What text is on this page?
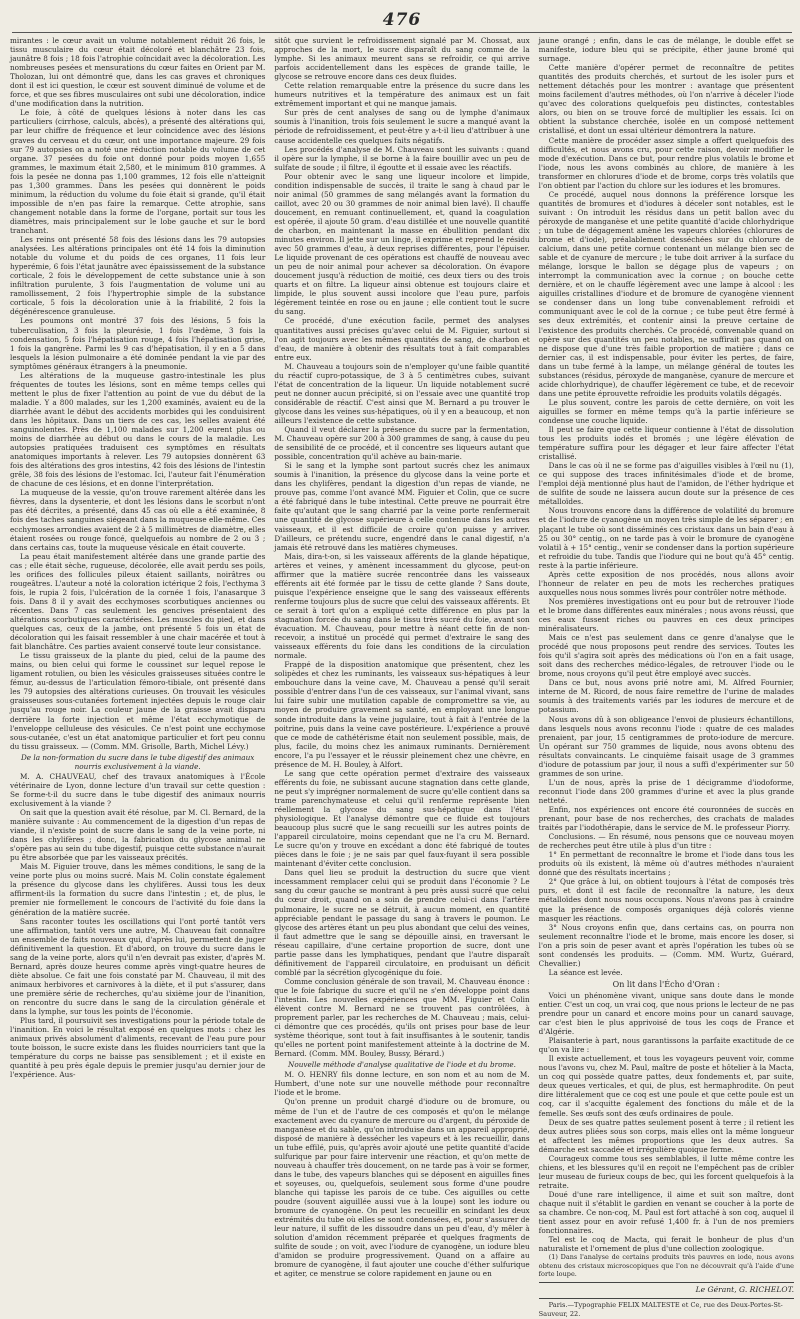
476

mirantes : le cœur avait un volume notablement réduit 26 fois, le tissu musculaire du cœur était décoloré et blanchâtre 23 fois, jaunâtre 8 fois ; 18 fois l'atrophie coïncidait avec la décoloration. Les nombreuses pesées et mensurations du cœur faites en Orient par M. Tholozan, lui ont démontré que, dans les cas graves et chroniques dont il est ici question, le cœur est souvent diminué de volume et de force, et que ses fibres musculaires ont subi une décoloration, indice d'une modification dans la nutrition.

Le foie, à côté de quelques lésions à noter dans les cas particuliers (cirrhose, calculs, abcès), a présenté des altérations qui, par leur chiffre de fréquence et leur coïncidence avec des lésions graves du cerveau et du cœur, ont une importance majeure. 29 fois sur 79 autopsies on a noté une réduction notable du volume de cet organe. 37 pesées du foie ont donné pour poids moyen 1,655 grammes, le maximum était 2,580, et le minimum 810 grammes. A fois la pesée ne donna pas 1,100 grammes, 12 fois elle n'atteignit pas 1,300 grammes. Dans les pesées qui donnèrent le poids minimum, la réduction du volume du foie était si grande, qu'il était impossible de n'en pas faire la remarque. Cette atrophie, sans changement notable dans la forme de l'organe, portait sur tous les diamètres, mais principalement sur le lobe gauche et sur le bord tranchant.

Les reins ont présenté 58 fois des lésions dans les 79 autopsies analysées. Les altérations principales ont été 14 fois la diminution notable du volume et du poids de ces organes, 11 fois leur hyperémie, 6 fois l'état jaunâtre avec épaississement de la substance corticale, 2 fois le développement de cette substance unie à son infiltration purulente, 3 fois l'augmentation de volume uni au ramollissement, 2 fois l'hypertrophie simple de la substance corticale, 5 fois la décoloration unie à la friabilité, 2 fois la dégénérescence granuleuse.

Les poumons ont montré 37 fois des lésions, 5 fois la tuberculisation, 3 fois la pleurésie, 1 fois l'œdème, 3 fois la condensation, 5 fois l'hépatisation rouge, 4 fois l'hépatisation grise, 1 fois la gangrène. Parmi les 9 cas d'hépatisation, il y en a 5 dans lesquels la lésion pulmonaire a été dominée pendant la vie par des symptômes généraux étrangers à la pneumonie.

Les altérations de la muqueuse gastro-intestinale les plus fréquentes de toutes les lésions, sont en même temps celles qui mettent le plus de fixer l'attention au point de vue du début de la maladie. Y a 800 malades, sur les 1,200 examinés, avaient eu de la diarrhée avant le début des accidents morbides qui les conduisirent dans les hôpitaux. Dans un tiers de ces cas, les selles avaient été sanguinolentes. Près de 1,100 malades sur 1,200 eurent plus ou moins de diarrhée au début ou dans le cours de la maladie. Les autopsies pratiquées traduisent ces symptômes en résultats anatomiques importants à relever. Les 79 autopsies donnèrent 63 fois des altérations des gros intestins, 42 fois des lésions de l'intestin grêle, 38 fois des lésions de l'estomac. Ici, l'auteur fait l'énumération de chacune de ces lésions, et en donne l'interprétation.

La muqueuse de la vessie, qu'on trouve rarement altérée dans les fièvres, dans la dysenterie, et dont les lésions dans le scorbut n'ont pas été décrites, a présenté, dans 45 cas où elle a été examinée, 8 fois des taches sanguines siégeant dans la muqueuse elle-même. Ces ecchymoses arrondies avaient de 2 à 5 millimètres de diamètre, elles étaient rosées ou rouge foncé, quelquefois au nombre de 2 ou 3 ; dans certains cas, toute la muqueuse vésicale en était couverte.

La peau était manifestement altérée dans une grande partie des cas ; elle était sèche, rugueuse, décolorée, elle avait perdu ses poils, les orifices des follicules pileux étaient saillants, noirâtres ou rougeâtres. L'auteur a noté la coloration ictérique 2 fois, l'ecthyma 3 fois, le rupia 2 fois, l'ulcération de la cornée 1 fois, l'anasarque 3 fois. Dans 8 il y avait des ecchymoses scorbutiques anciennes ou récentes. Dans 7 cas seulement les gencives présentaient des altérations scorbutiques caractérisées. Les muscles du pied, et dans quelques cas, ceux de la jambe, ont présenté 5 fois un état de décoloration qui les faisait ressembler à une chair macérée et tout à fait blanchâtre. Ces parties avaient conservé toute leur consistance.

Le tissu graisseux de la plante du pied, celui de la paume des mains, ou bien celui qui forme le coussinet sur lequel repose le ligament rotulien, ou bien les vésicules graisseuses situées contre le fémur, au-dessus de l'articulation fémoro-tibiale, ont présenté dans les 79 autopsies des altérations curieuses. On trouvait les vésicules graisseuses sous-cutanées fortement injectées depuis le rouge clair jusqu'au rouge noir. La couleur jaune de la graisse avait disparu derrière la forte injection et même l'état ecchymotique de l'enveloppe celluleuse des vésicules. Ce n'est point une ecchymose sous-cutanée, c'est un état anatomique particulier et fort peu connu du tissu graisseux. — (Comm. MM. Grisolle, Barth, Michel Lévy.)

De la non-formation du sucre dans le tube digestif des animaux nourris exclusivement à la viande.

M. A. CHAUVEAU, chef des travaux anatomiques à l'École vétérinaire de Lyon, donne lecture d'un travail sur cette question : Se forme-t-il du sucre dans le tube digestif des animaux nourris exclusivement à la viande ?

On sait que la question avait été résolue, par M. Cl. Bernard, de la manière suivante : Au commencement de la digestion d'un repas de viande, il n'existe point de sucre dans le sang de la veine porte, ni dans les chylifères ; donc, la fabrication du glycose animal ne s'opère pas au sein du tube digestif, puisque cette substance n'aurait pu être absorbée que par les vaisseaux précités.

Mais M. Figuier trouve, dans les mêmes conditions, le sang de la veine porte plus ou moins sucré. Mais M. Colin constate également la présence du glycose dans les chylifères. Aussi tous les deux affirment-ils la formation du sucre dans l'intestin ; et, de plus, le premier nie formellement le concours de l'activité du foie dans la génération de la matière sucrée.

Sans raconter toutes les oscillations qui l'ont porté tantôt vers une affirmation, tantôt vers une autre, M. Chauveau fait connaître un ensemble de faits nouveaux qui, d'après lui, permettent de juger définitivement la question. Et d'abord, on trouve du sucre dans le sang de la veine porte, alors qu'il n'en devrait pas exister, d'après M. Bernard, après douze heures comme après vingt-quatre heures de diète absolue. Ce fait une fois constaté par M. Chauveau, il mit des animaux herbivores et carnivores à la diète, et il put s'assurer, dans une première série de recherches, qu'au sixième jour de l'inanition, on rencontre du sucre dans le sang de la circulation générale et dans la lymphe, sur tous les points de l'économie.

Plus tard, il poursuivit ses investigations pour la période totale de l'inanition. En voici le résultat exposé en quelques mots : chez les animaux privés absolument d'aliments, recevant de l'eau pure pour toute boisson, le sucre existe dans les fluides nourriciers tant que la température du corps ne baisse pas sensiblement ; et il existe en quantité à peu près égale depuis le premier jusqu'au dernier jour de l'expérience. Aus-

sitôt que survient le refroidissement signalé par M. Chossat, aux approches de la mort, le sucre disparaît du sang comme de la lymphe. Si les animaux meurent sans se refroidir, ce qui arrive parfois accidentellement dans les espèces de grande taille, le glycose se retrouve encore dans ces deux fluides.

Cette relation remarquable entre la présence du sucre dans les humeurs nutritives et la température des animaux est un fait extrêmement important et qui ne manque jamais.

Sur près de cent analyses de sang ou de lymphe d'animaux soumis à l'inanition, trois fois seulement le sucre a manqué avant la période de refroidissement, et peut-être y a-t-il lieu d'attribuer à une cause accidentelle ces quelques faits négatifs.

Les procédés d'analyse de M. Chauveau sont les suivants : quand il opère sur la lymphe, il se borne à la faire bouillir avec un peu de sulfate de soude ; il filtre, il égoutte et il essaie avec les réactifs.

Pour obtenir avec le sang une liqueur incolore et limpide, condition indispensable de succès, il traite le sang à chaud par le noir animal (50 grammes de sang mélangés avant la formation du caillot, avec 20 ou 30 grammes de noir animal bien lavé). Il chauffe doucement, en remuant continuellement, et, quand la coagulation est opérée, il ajoute 50 gram. d'eau distillée et une nouvelle quantité de charbon, en maintenant la masse en ébullition pendant dix minutes environ. Il jette sur un linge, il exprime et reprend le résidu avec 50 grammes d'eau, à deux reprises différentes, pour l'épuiser. Le liquide provenant de ces opérations est chauffé de nouveau avec un peu de noir animal pour achever sa décoloration. On évapore doucement jusqu'à réduction de moitié, ces deux tiers ou des trois quarts et on filtre. La liqueur ainsi obtenue est toujours claire et limpide, le plus souvent aussi incolore que l'eau pure, parfois légèrement teintée en rose ou en jaune ; elle contient tout le sucre du sang.

Ce procédé, d'une exécution facile, permet des analyses quantitatives aussi précises qu'avec celui de M. Figuier, surtout si l'on agit toujours avec les mêmes quantités de sang, de charbon et d'eau, de manière à obtenir des résultats tout à fait comparables entre eux.

M. Chauveau a toujours soin de n'employer qu'une faible quantité du réactif cupro-potassique, de 3 à 5 centimètres cubes, suivant l'état de concentration de la liqueur. Un liquide notablement sucré peut ne donner aucun précipité, si on l'essaie avec une quantité trop considérable de réactif. C'est ainsi que M. Bernard a pu trouver le glycose dans les veines sus-hépatiques, où il y en a beaucoup, et non ailleurs l'existence de cette substance.

Quand il veut déclarer la présence du sucre par la fermentation, M. Chauveau opère sur 200 à 300 grammes de sang, à cause du peu de sensibilité de ce procédé, et il concentre ses liqueurs autant que possible, concentration qu'il achève au bain-marie.

Si le sang et la lymphe sont partout sucrés chez les animaux soumis à l'inanition, la présence du glycose dans la veine porte et dans les chylifères, pendant la digestion d'un repas de viande, ne prouve pas, comme l'ont avancé MM. Figuier et Colin, que ce sucre a été fabriqué dans le tube intestinal. Cette preuve ne pourrait être faite qu'autant que le sang charrié par la veine porte renfermerait une quantité de glycose supérieure à celle contenue dans les autres vaisseaux, et il est difficile de croire qu'on puisse y arriver. D'ailleurs, ce prétendu sucre, engendré dans le canal digestif, n'a jamais été retrouvé dans les matières chymeuses.

Mais, dira-t-on, si les vaisseaux afférents de la glande hépatique, artères et veines, y amènent incessamment du glycose, peut-on affirmer que la matière sucrée rencontrée dans les vaisseaux efférents ait été formée par le tissu de cette glande ? Sans doute, puisque l'expérience enseigne que le sang des vaisseaux efférents renferme toujours plus de sucre que celui des vaisseaux afférents. Et ce serait à tort qu'on a expliqué cette différence en plus par la stagnation forcée du sang dans le tissu très sucré du foie, avant son évacuation. M. Chauveau, pour mettre à néant cette fin de non-recevoir, a institué un procédé qui permet d'extraire le sang des vaisseaux efférents du foie dans les conditions de la circulation normale.

Frappé de la disposition anatomique que présentent, chez les solipèdes et chez les ruminants, les vaisseaux sus-hépatiques à leur embouchure dans la veine cave, M. Chauveau a pensé qu'il serait possible d'entrer dans l'un de ces vaisseaux, sur l'animal vivant, sans lui faire subir une mutilation capable de compromettre sa vie, au moyen de produire gravement sa santé, en employant une longue sonde introduite dans la veine jugulaire, tout à fait à l'entrée de la poitrine, puis dans la veine cave postérieure. L'expérience a prouvé que ce mode de cathétérisme était non seulement possible, mais, de plus, facile, du moins chez les animaux ruminants. Dernièrement encore, l'a pu l'essayer et le réussir pleinement chez une chèvre, en présence de M. H. Bouley, à Alfort.

Le sang que cette opération permet d'extraire des vaisseaux efférents du foie, ne subissant aucune stagnation dans cette glande, ne peut s'y imprégner normalement de sucre qu'elle contient dans sa trame parenchymateuse et celui qu'il renferme représente bien réellement la glycose du sang sus-hépatique dans l'état physiologique. Et l'analyse démontre que ce fluide est toujours beaucoup plus sucré que le sang recueilli sur les autres points de l'appareil circulatoire, moins cependant que ne l'a cru M. Bernard. Le sucre qu'on y trouve en excédant a donc été fabriqué de toutes pièces dans le foie ; je ne sais par quel faux-fuyant il sera possible maintenant d'éviter cette conclusion.

Dans quel lieu se produit la destruction du sucre que vient incessamment remplacer celui qui se produit dans l'économie ? Le sang du cœur gauche se montrant à peu près aussi sucré que celui du cœur droit, quand on a soin de prendre celui-ci dans l'artère pulmonaire, le sucre ne se détruit, à aucun moment, en quantité appréciable pendant le passage du sang à travers le poumon. Le glycose des artères étant un peu plus abondant que celui des veines, il faut admettre que le sang se dépouille ainsi, en traversant le réseau capillaire, d'une certaine proportion de sucre, dont une partie passe dans les lymphatiques, pendant que l'autre disparaît définitivement de l'appareil circulatoire, en produisant un déficit comblé par la sécrétion glycogénique du foie.

Comme conclusion générale de son travail, M. Chauveau énonce : que le foie fabrique du sucre et qu'il ne s'en développe point dans l'intestin. Les nouvelles expériences que MM. Figuier et Colin élèvent contre M. Bernard ne se trouvent pas contrôlées, à proprement parler, par les recherches de M. Chauveau ; mais, celui-ci démontre que ces procédés, qu'ils ont prises pour base de leur système théorique, sont tout à fait insuffisantes à le soutenir, tandis qu'elles ne portent point manifestement atteinte à la doctrine de M. Bernard. (Comm. MM. Bouley, Bussy, Bérard.)

Nouvelle méthode d'analyse qualitative de l'iode et du brome.

M. O. HENRY fils donne lecture, en son nom et au nom de M. Humbert, d'une note sur une nouvelle méthode pour reconnaître l'iode et le brome.

Qu'on prenne un produit chargé d'iodure ou de bromure, ou même de l'un et de l'autre de ces composés et qu'on le mélange exactement avec du cyanure de mercure ou d'argent, du péroxide de manganèse et du sable, qu'on introduise dans un appareil approprié, disposé de manière à dessécher les vapeurs et à les recueillir, dans un tube effilé, puis, qu'après avoir ajouté une petite quantité d'acide sulfurique par pour faire intervenir une réaction, et qu'on mette de nouveau à chauffer très doucement, on ne tarde pas à voir se former, dans le tube, des vapeurs blanches qui se déposent en aiguilles fines et soyeuses, ou, quelquefois, seulement sous forme d'une poudre blanche qui tapisse les parois de ce tube. Ces aiguilles ou cette poudre (souvent aiguillée aussi vue à la loupe) sont les iodure ou bromure de cyanogène. On peut les recueillir en scindant les deux extrémités du tube où elles se sont condensées, et, pour s'assurer de leur nature, il suffit de les dissoudre dans un peu d'eau, d'y mêler à solution d'amidon récemment préparée et quelques fragments de sulfite de soude ; on voit, avec l'iodure de cyanogène, un iodure bleu d'amidon se produire progressivement. Quand on a affaire au bromure de cyanogène, il faut ajouter une couche d'éther sulfurique et agiter, ce menstrue se colore rapidement en jaune ou en

jaune orangé ; enfin, dans le cas de mélange, le double effet se manifeste, iodure bleu qui se précipite, éther jaune bromé qui surnage.

Cette manière d'opérer permet de reconnaître de petites quantités des produits cherchés, et surtout de les isoler purs et nettement détachés pour les montrer : avantage que présentent moins facilement d'autres méthodes, où l'on n'arrive à déceler l'iode qu'avec des colorations quelquefois peu distinctes, contestables alors, ou bien on se trouve forcé de multiplier les essais. Ici on obtient la substance cherchée, isolée en un composé nettement cristallisé, et dont un essai ultérieur démontrera la nature.

Cette manière de procéder assez simple a offert quelquefois des difficultés, et nous avons cru, pour cette raison, devoir modifier le mode d'exécution. Dans ce but, pour rendre plus volatils le brome et l'iode, nous les avons combinés au chlore, de manière à les transformer en chlorures d'iode et de brome, corps très volatils que l'on obtient par l'action du chlore sur les iodures et les bromures.

Ce procédé, auquel nous donnons la préférence lorsque les quantités de bromures et d'iodures à déceler sont notables, est le suivant : On introduit les résidus dans un petit ballon avec du péroxyde de manganèse et une petite quantité d'acide chlorhydrique ; un tube de dégagement amène les vapeurs chlorées (chlorures de brome et d'iode), préalablement desséchées sur du chlorure de calcium, dans une petite cornue contenant un mélange bien sec de sable et de cyanure de mercure ; le tube doit arriver à la surface du mélange, lorsque le ballon se dégage plus de vapeurs ; on interrompt la communication avec la cornue ; on bouche cette dernière, et on le chauffe légèrement avec une lampe à alcool : les aiguilles cristallines d'iodure et de bromure de cyanogène viennent se condenser dans un long tube convenablement refroidi et communiquant avec le col de la cornue ; ce tube peut être fermé à ses deux extrémités, et contenir ainsi la preuve certaine de l'existence des produits cherchés. Ce procédé, convenable quand on opère sur des quantités un peu notables, ne suffirait pas quand on ne dispose que d'une très faible proportion de matière ; dans ce dernier cas, il est indispensable, pour éviter les pertes, de faire, dans un tube fermé à la lampe, un mélange général de toutes les substances (résidus, péroxyde de manganèse, cyanure de mercure et acide chlorhydrique), de chauffer légèrement ce tube, et de recevoir dans une petite éprouvette refroidie les produits volatils dégagés.

Le plus souvent, contre les parois de cette dernière, on voit les aiguilles se former en même temps qu'à la partie inférieure se condense une couche liquide.

Il peut se faire que cette liqueur contienne à l'état de dissolution tous les produits iodés et bromés ; une légère élévation de température suffira pour les dégager et leur faire affecter l'état cristallisé.

Dans le cas où il ne se forme pas d'aiguilles visibles à l'œil nu (1), ce qui suppose des traces infinitésimales d'iode et de brome, l'emploi déjà mentionné plus haut de l'amidon, de l'éther hydrique et de sulfite de soude ne laissera aucun doute sur la présence de ces métalloïdes.

Nous trouvons encore dans la différence de volatilité du bromure et de l'iodure de cyanogène un moyen très simple de les séparer ; en plaçant le tube où sont disséminés ces cristaux dans un bain d'eau à 25 ou 30° centig., on ne tarde pas à voir le bromure de cyanogène volatil à + 15° centig., venir se condenser dans la portion supérieure et refroidie du tube. Tandis que l'iodure qui ne bout qu'à 45° centig. reste à la partie inférieure.

Après cette exposition de nos procédés, nous allons avoir l'honneur de relater en peu de mots les recherches pratiques auxquelles nous nous sommes livrés pour contrôler notre méthode.

Nos premières investigations ont eu pour but de retrouver l'iode et le brome dans différentes eaux minérales ; nous avons réussi, que ces eaux fussent riches ou pauvres en ces deux principes minéralisateurs.

Mais ce n'est pas seulement dans ce genre d'analyse que le procédé que nous proposons peut rendre des services. Toutes les fois qu'il s'agira soit après des médications où l'on en a fait usage, soit dans des recherches médico-légales, de retrouver l'iode ou le brome, nous croyons qu'il peut être employé avec succès.

Dans ce but, nous avons prié notre ami, M. Alfred Fournier, interne de M. Ricord, de nous faire remettre de l'urine de malades soumis à des traitements variés par les iodures de mercure et de potassium.

Nous avons dû à son obligeance l'envoi de plusieurs échantillons, dans lesquels nous avons reconnu l'iode : quatre de ces malades prenaient, par jour, 15 centigrammes de proto-iodure de mercure. Un opérant sur 750 grammes de liquide, nous avons obtenu des résultats convaincants. Le cinquième faisait usage de 3 grammes d'iodure de potassium par jour, il nous a suffi d'expérimenter sur 50 grammes de son urine.

L'un de nous, après la prise de 1 décigramme d'iodoforme, reconnut l'iode dans 200 grammes d'urine et avec la plus grande netteté.

Enfin, nos expériences ont encore été couronnées de succès en prenant, pour base de nos recherches, des crachats de malades traités par l'iodothérapie, dans le service de M. le professeur Piorry.

Conclusions. — En résumé, nous pensons que ce nouveau moyen de recherches peut être utile à plus d'un titre :

1° En permettant de reconnaître le brome et l'iode dans tous les produits où ils existent, là même où d'autres méthodes n'auraient donné que des résultats incertains ;

2° Que grâce à lui, on obtient toujours à l'état de composés très purs, et dont il est facile de reconnaître la nature, les deux métalloïdes dont nous nous occupons. Nous n'avons pas à craindre que la présence de composés organiques déjà colorés vienne masquer les réactions.

3° Nous croyons enfin que, dans certains cas, on pourra non seulement reconnaître l'iode et le brome, mais encore les doser, si l'on a pris soin de peser avant et après l'opération les tubes où se sont condensés les produits. — (Comm. MM. Wurtz, Guérard, Chevallier.)

La séance est levée.

On lit dans l'Écho d'Oran :

Voici un phénomène vivant, unique sans doute dans le monde entier. C'est un coq, un vrai coq, que nous prions le lecteur de ne pas prendre pour un canard et encore moins pour un canard sauvage, car c'est bien le plus apprivoisé de tous les coqs de France et d'Algérie.

Plaisanterie à part, nous garantissons la parfaite exactitude de ce qu'on va lire :

Il existe actuellement, et tous les voyageurs peuvent voir, comme nous l'avons vu, chez M. Paul, maître de poste et hôtelier à la Macta, un coq qui possède quatre pattes, deux fondements et, par suite, deux queues verticales, et qui, de plus, est hermaphrodite. On peut dire littéralement que ce coq est une poule et que cette poule est un coq, car il s'acquitte également des fonctions du mâle et de la femelle. Ses œufs sont des œufs ordinaires de poule.

Deux de ses quatre pattes seulement posent à terre ; il retient les deux autres pliées sous son corps, mais elles ont la même longueur et affectent les mêmes proportions que les deux autres. Sa démarche est saccadée et irrégulière quoique ferme.

Courageux comme tous ses semblables, il lutte même contre les chiens, et les blessures qu'il en reçoit ne l'empêchent pas de cribler leur museau de furieux coups de bec, qui les forcent quelquefois à la retraite.

Doué d'une rare intelligence, il aime et suit son maître, dont chaque nuit il s'établit le gardien en venant se coucher à la porte de sa chambre. Ce non-coq, M. Paul est fort attaché à son coq, auquel il tient assez pour en avoir refusé 1,400 fr. à l'un de nos premiers fonctionnaires.

Tel est le coq de Macta, qui ferait le bonheur de plus d'un naturaliste et l'ornement de plus d'une collection zoologique.

(1) Dans l'analyse de certains produits très pauvres en iode, nous avons obtenu des cristaux microscopiques que l'on ne découvrait qu'à l'aide d'une forte loupe.

Le Gérant, G. RICHELOT.

Paris.—Typographie FELIX MALTESTE et Ce, rue des Deux-Portes-St-Sauveur, 22.
